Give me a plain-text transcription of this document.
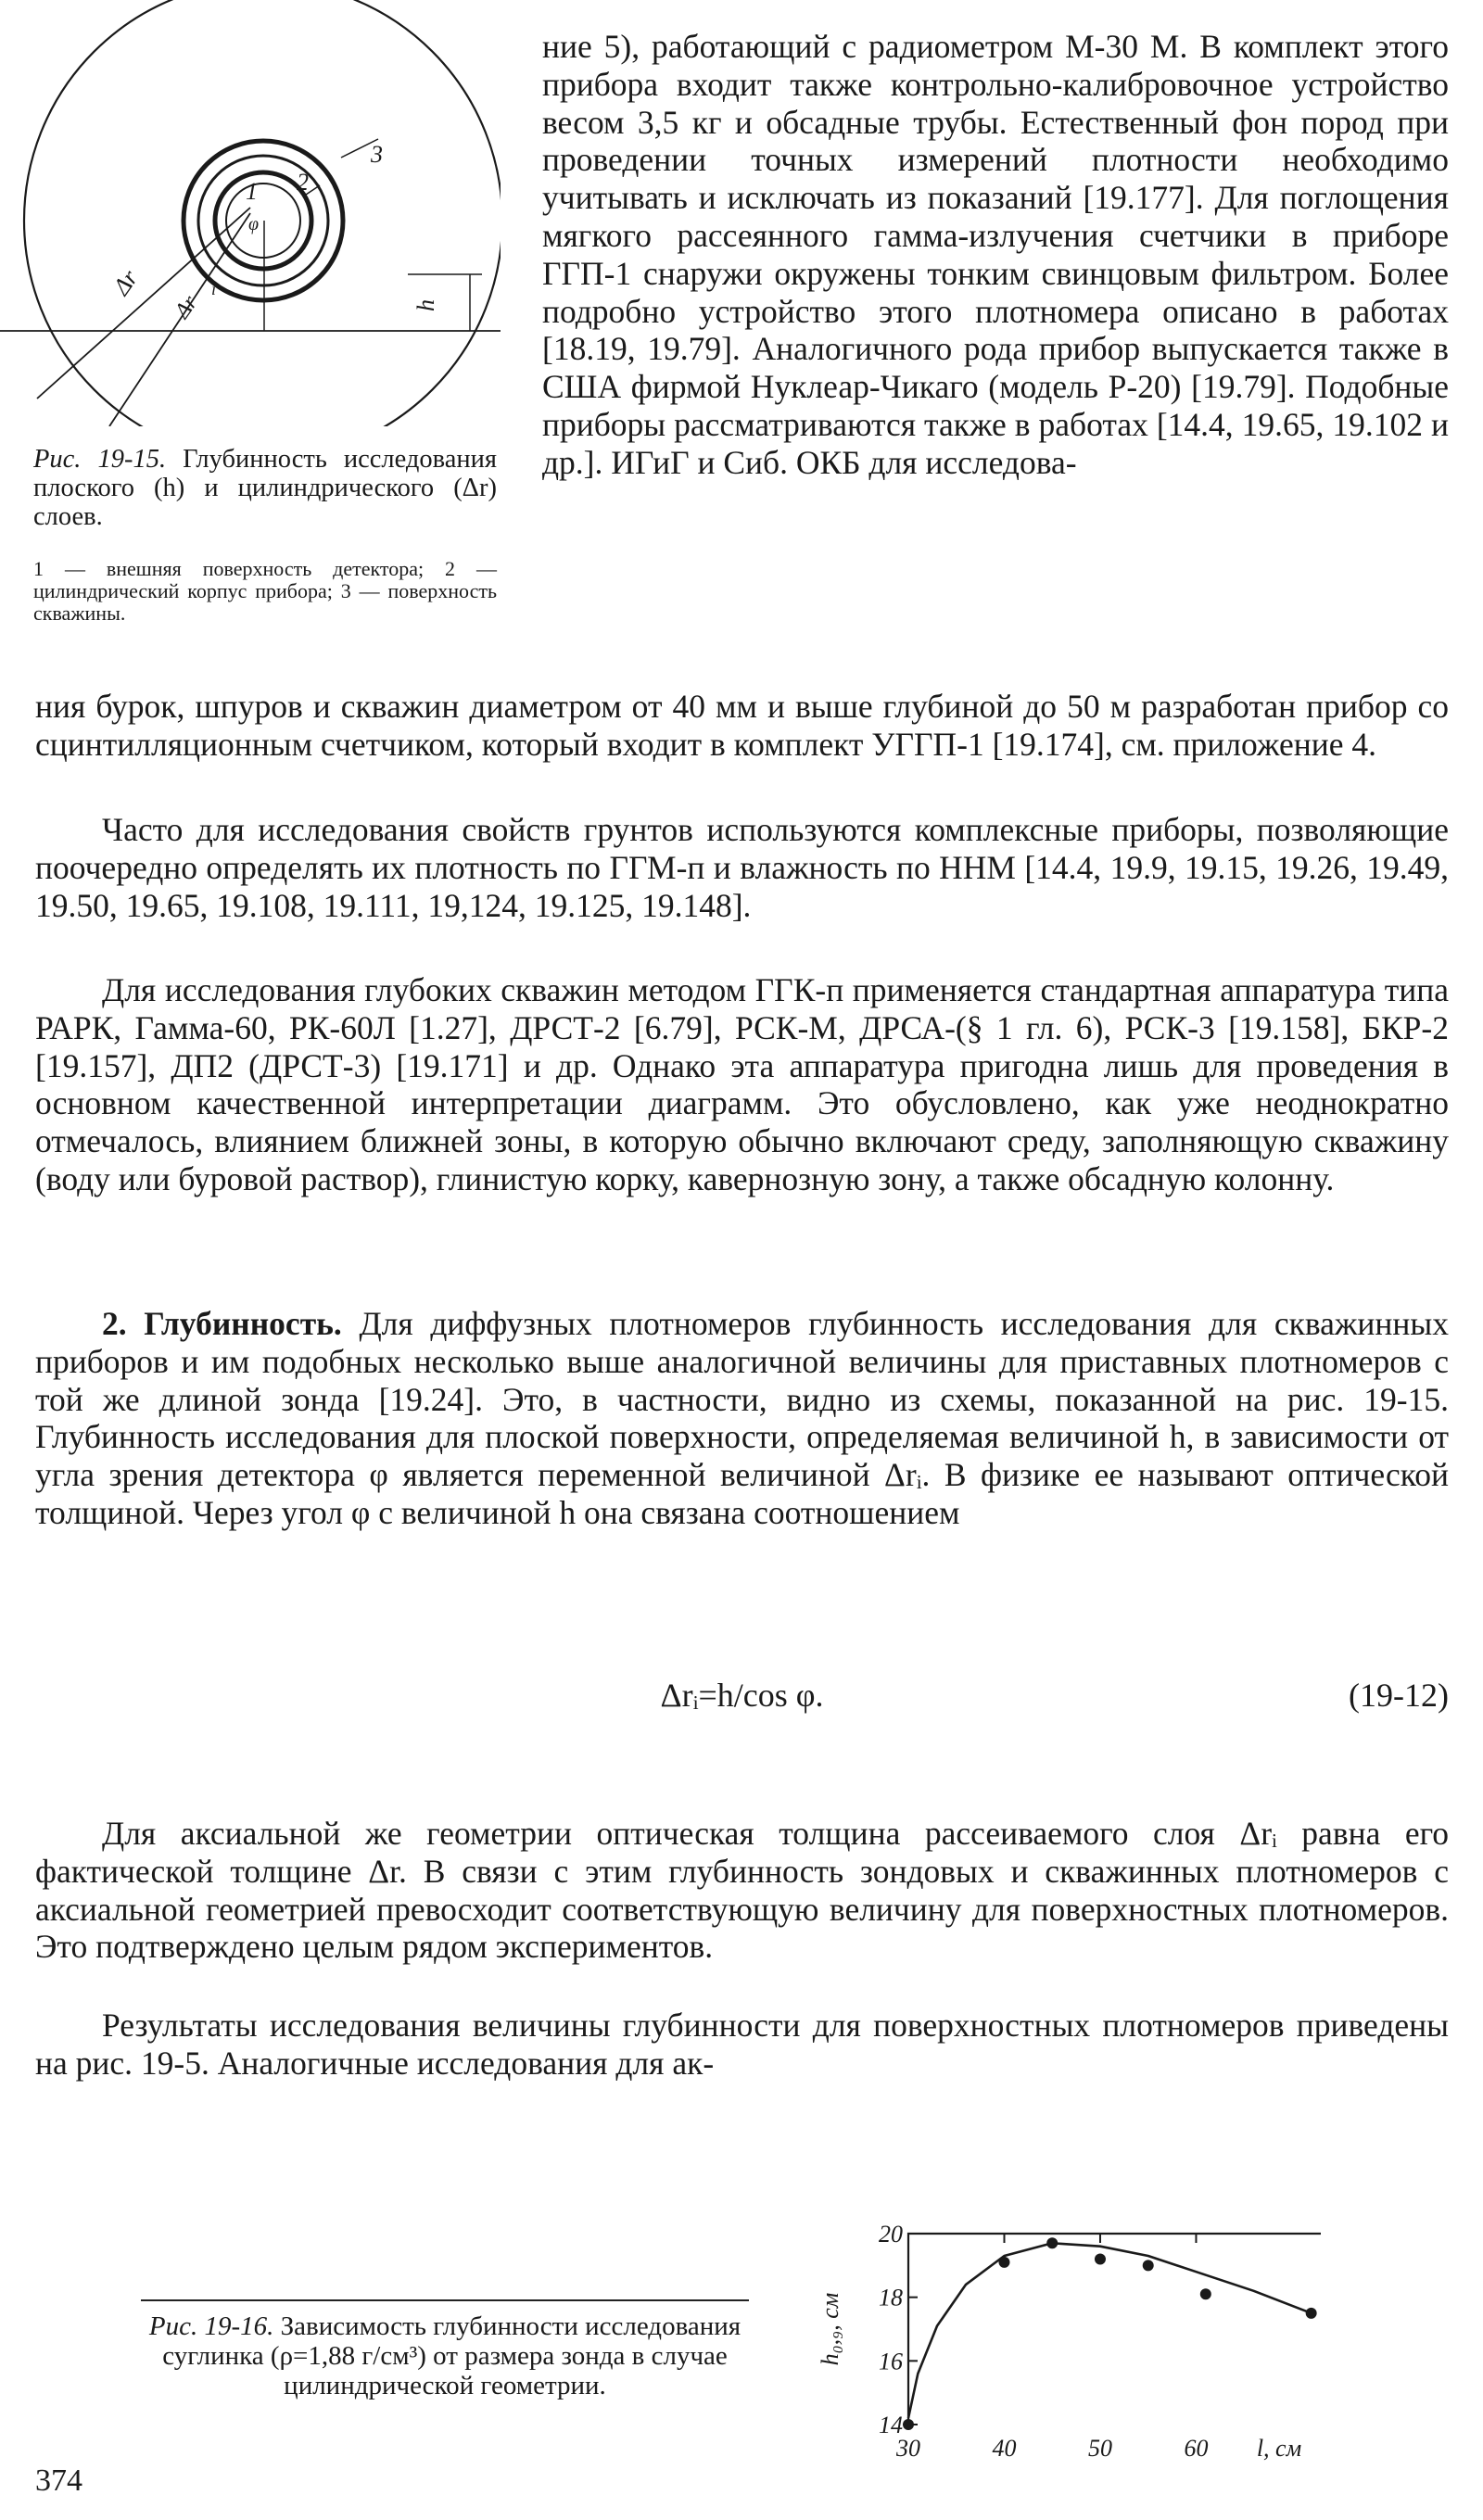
1 2
3
φ
Δr
Δr
i
h
Рис. 19-15. Глубинность исследования плоского (h) и цилиндрического (Δr) слоев.
1 — внешняя поверхность детектора; 2 — цилиндрический корпус прибора; 3 — поверхность скважины.

ние 5), работающий с радиометром М-30 М. В комплект этого прибора входит также контрольно-калибровочное устройство весом 3,5 кг и обсадные трубы. Естественный фон пород при проведении точных измерений плотности необходимо учитывать и исключать из показаний [19.177]. Для поглощения мягкого рассеянного гамма-излучения счетчики в приборе ГГП-1 снаружи окружены тонким свинцовым фильтром. Более подробно устройство этого плотномера описано в работах [18.19, 19.79]. Аналогичного рода прибор выпускается также в США фирмой Нуклеар-Чикаго (модель Р-20) [19.79]. Подобные приборы рассматриваются также в работах [14.4, 19.65, 19.102 и др.]. ИГиГ и Сиб. ОКБ для исследова-

ния бурок, шпуров и скважин диаметром от 40 мм и выше глубиной до 50 м разработан прибор со сцинтилляционным счетчиком, который входит в комплект УГГП-1 [19.174], см. приложение 4.

Часто для исследования свойств грунтов используются комплексные приборы, позволяющие поочередно определять их плотность по ГГМ-п и влажность по ННМ [14.4, 19.9, 19.15, 19.26, 19.49, 19.50, 19.65, 19.108, 19.111, 19,124, 19.125, 19.148].

Для исследования глубоких скважин методом ГГК-п применяется стандартная аппаратура типа РАРК, Гамма-60, РК-60Л [1.27], ДРСТ-2 [6.79], РСК-М, ДРСА-(§ 1 гл. 6), РСК-3 [19.158], БКР-2 [19.157], ДП2 (ДРСТ-3) [19.171] и др. Однако эта аппаратура пригодна лишь для проведения в основном качественной интерпретации диаграмм. Это обусловлено, как уже неоднократно отмечалось, влиянием ближней зоны, в которую обычно включают среду, заполняющую скважину (воду или буровой раствор), глинистую корку, кавернозную зону, а также обсадную колонну.

2. Глубинность. Для диффузных плотномеров глубинность исследования для скважинных приборов и им подобных несколько выше аналогичной величины для приставных плотномеров с той же длиной зонда [19.24]. Это, в частности, видно из схемы, показанной на рис. 19-15. Глубинность исследования для плоской поверхности, определяемая величиной h, в зависимости от угла зрения детектора φ является переменной величиной Δrᵢ. В физике ее называют оптической толщиной. Через угол φ с величиной h она связана соотношением

Δrᵢ=h/cos φ.	(19-12)

Для аксиальной же геометрии оптическая толщина рассеиваемого слоя Δrᵢ равна его фактической толщине Δr. В связи с этим глубинность зондовых и скважинных плотномеров с аксиальной геометрией превосходит соответствующую величину для поверхностных плотномеров. Это подтверждено целым рядом экспериментов.

Результаты исследования величины глубинности для поверхностных плотномеров приведены на рис. 19-5. Аналогичные исследования для ак-

Рис. 19-16. Зависимость глубинности исследования суглинка (ρ=1,88 г/см³) от размера зонда в случае цилиндрической геометрии.
20
18
16
14
30	40	50	60 l, см
h₀,₉, см
374
